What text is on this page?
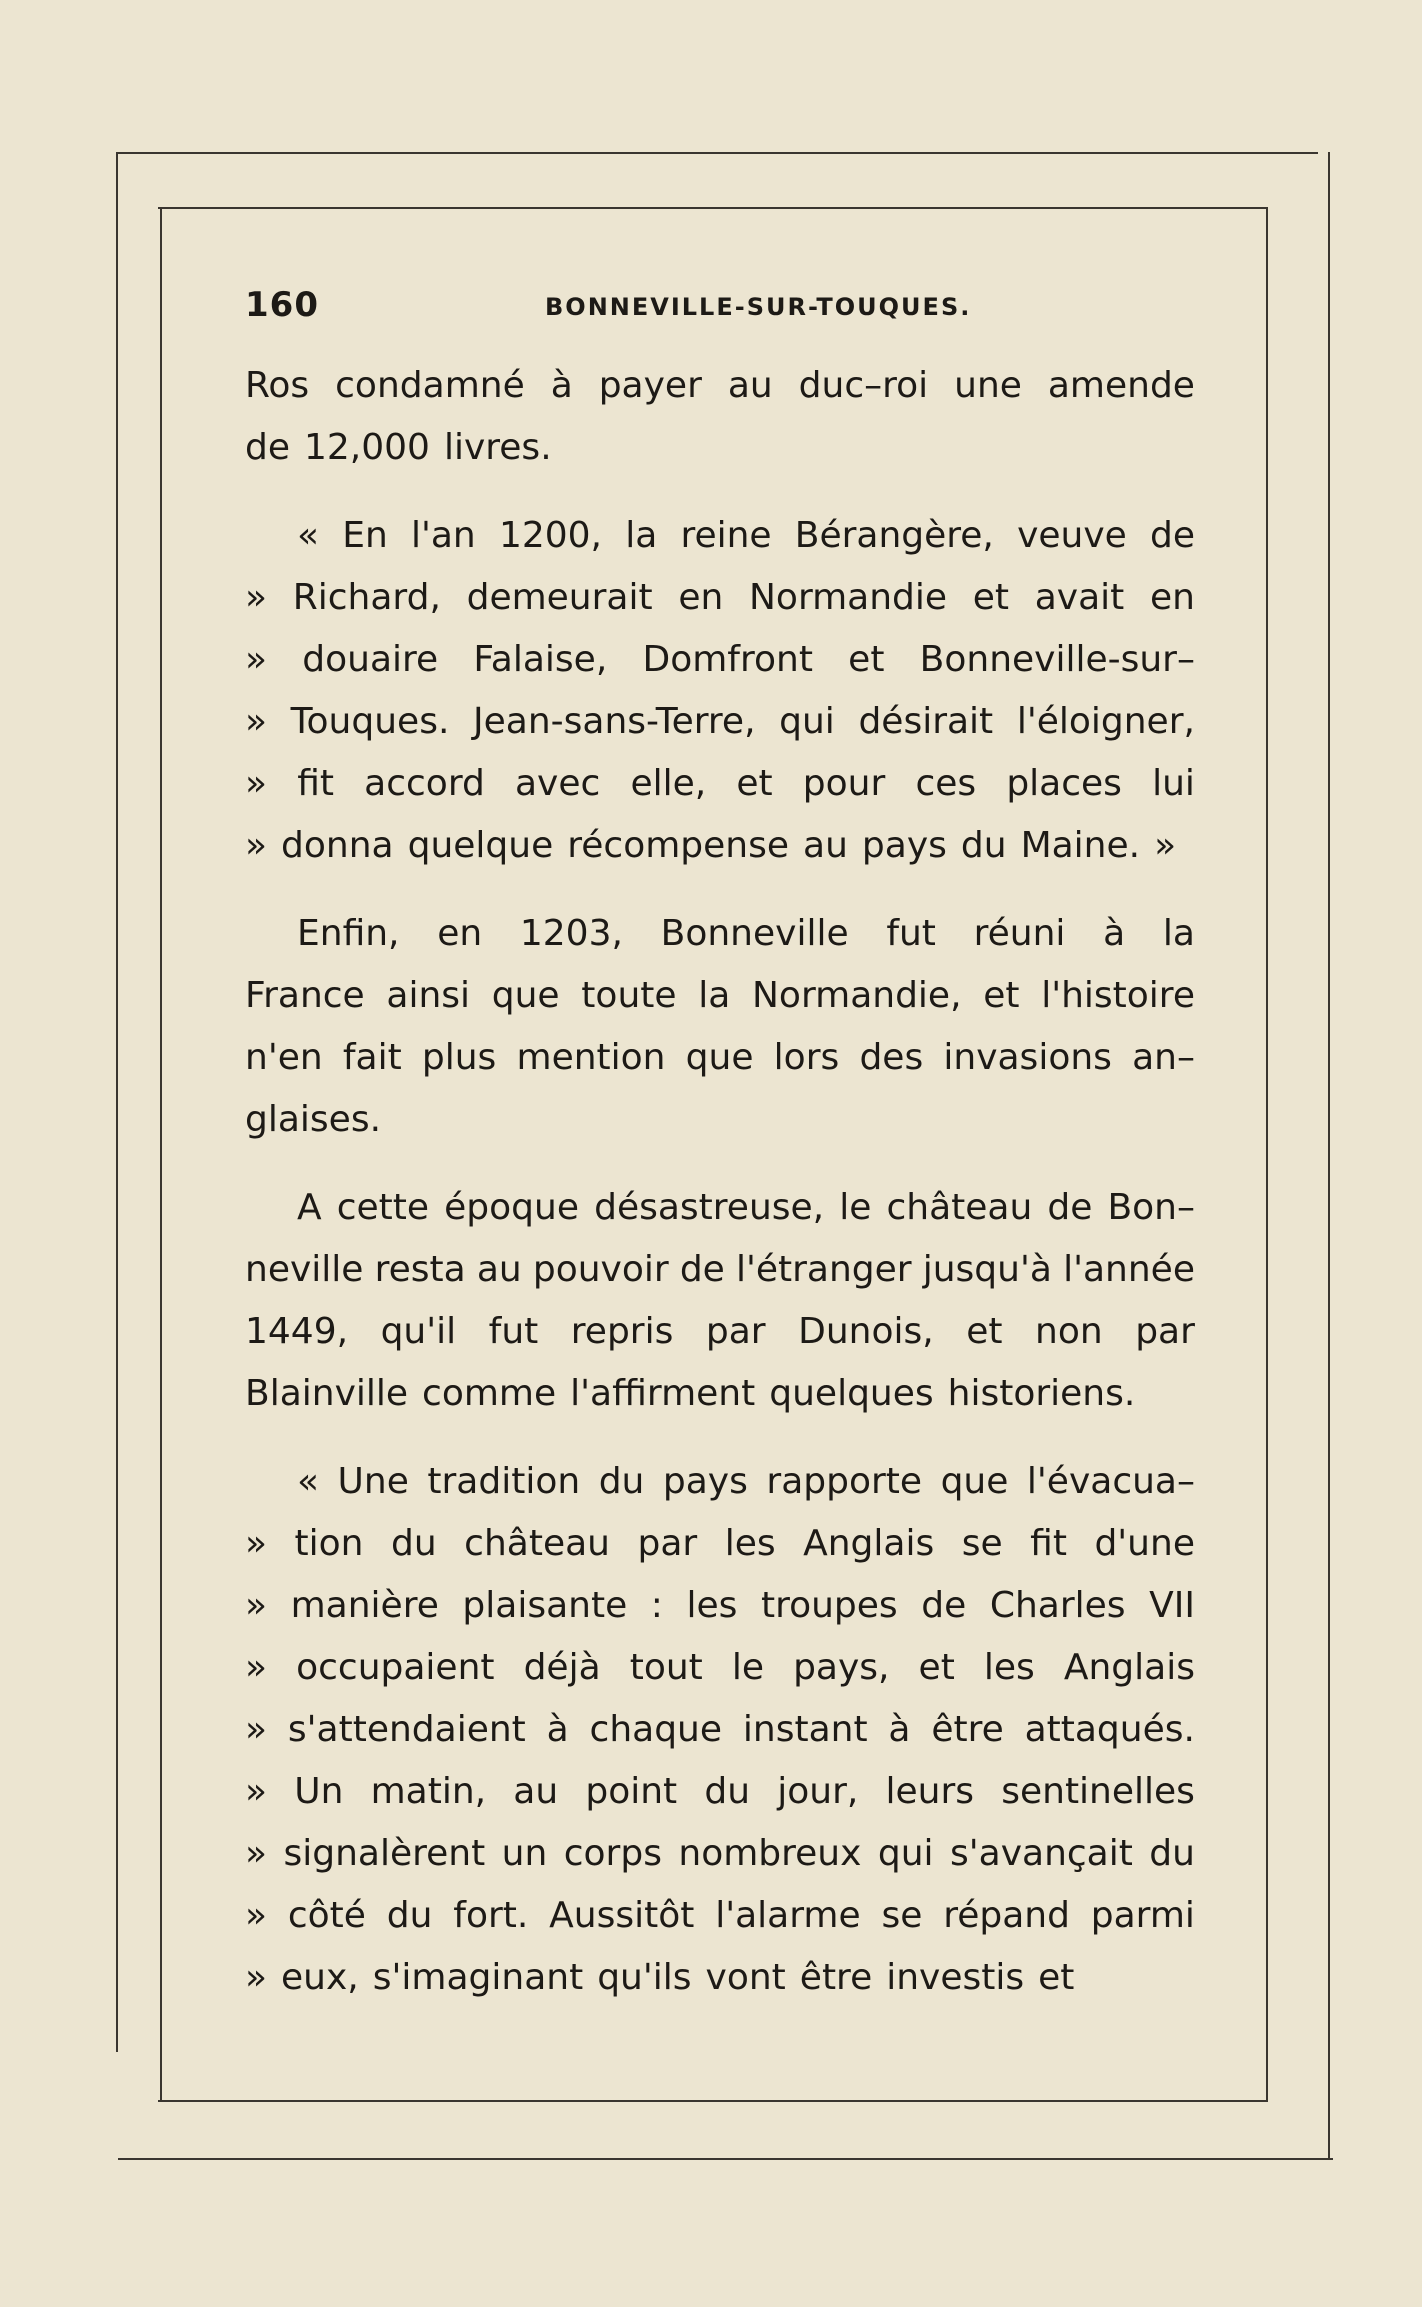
160	BONNEVILLE-SUR-TOUQUES.
Ros condamné à payer au duc–roi une amende
de 12,000 livres.
« En l'an 1200, la reine Bérangère, veuve de
» Richard, demeurait en Normandie et avait en
» douaire Falaise, Domfront et Bonneville-sur–
» Touques. Jean-sans-Terre, qui désirait l'éloigner,
» fit accord avec elle, et pour ces places lui
» donna quelque récompense au pays du Maine. »
Enfin, en 1203, Bonneville fut réuni à la
France ainsi que toute la Normandie, et l'histoire
n'en fait plus mention que lors des invasions an–
glaises.
A cette époque désastreuse, le château de Bon–
neville resta au pouvoir de l'étranger jusqu'à l'année
1449, qu'il fut repris par Dunois, et non par
Blainville comme l'affirment quelques historiens.
« Une tradition du pays rapporte que l'évacua–
» tion du château par les Anglais se fit d'une
» manière plaisante : les troupes de Charles VII
» occupaient déjà tout le pays, et les Anglais
» s'attendaient à chaque instant à être attaqués.
» Un matin, au point du jour, leurs sentinelles
» signalèrent un corps nombreux qui s'avançait du
» côté du fort. Aussitôt l'alarme se répand parmi
» eux, s'imaginant qu'ils vont être investis et
